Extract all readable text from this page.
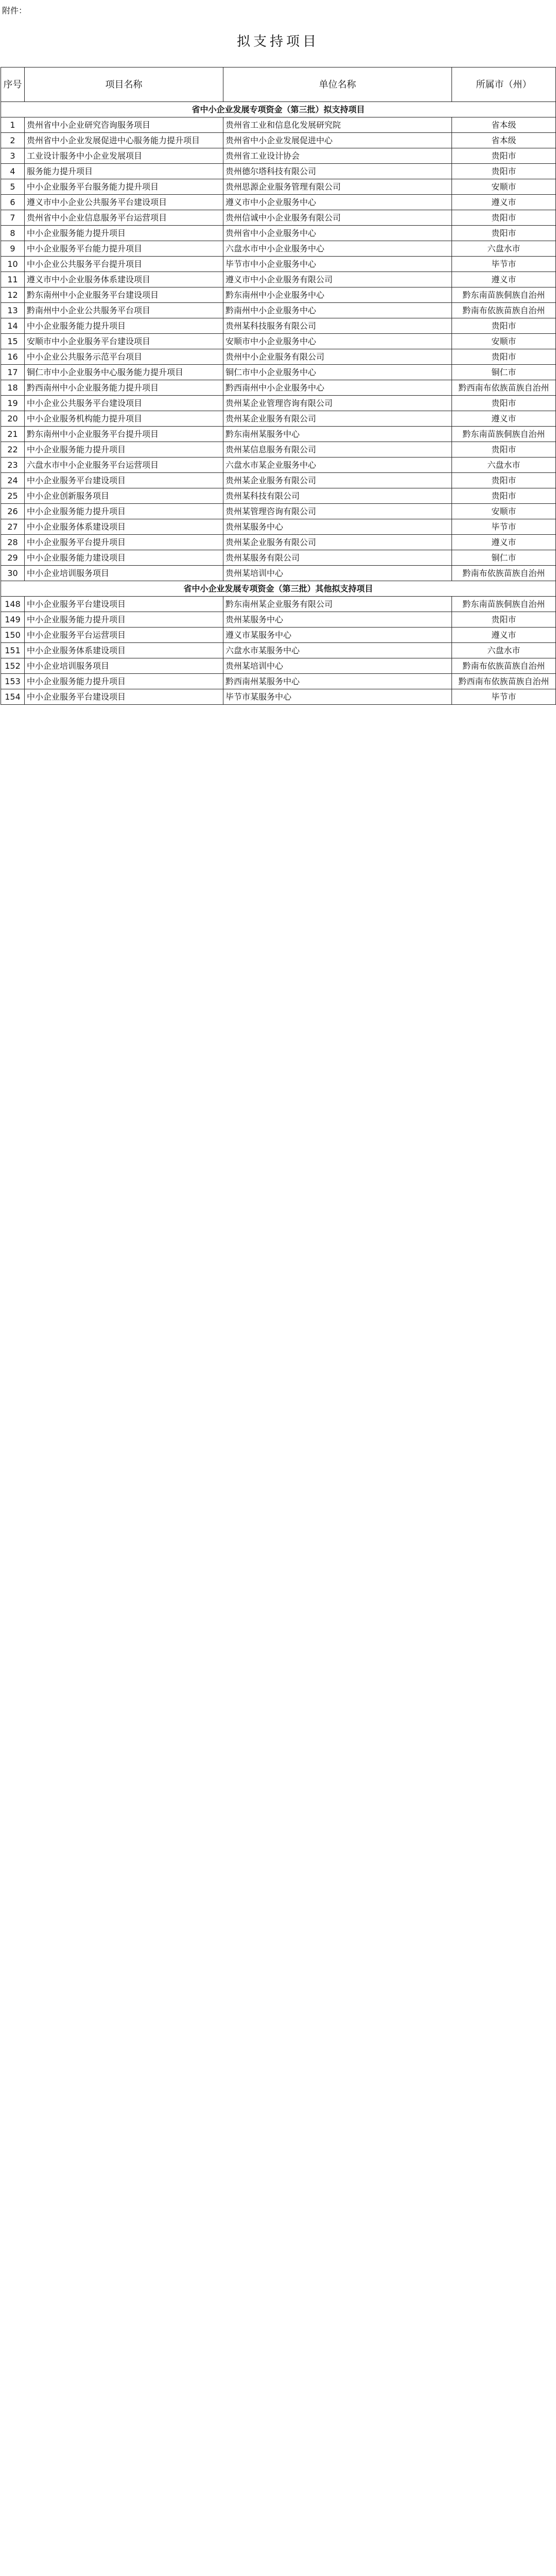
附件：
拟支持项目
序号	项目名称	单位名称	所属市（州）
省中小企业发展专项资金（第三批）拟支持项目			
1	贵州省中小企业研究咨询服务项目	贵州省工业和信息化发展研究院	省本级
2	贵州省中小企业发展促进中心服务能力提升项目	贵州省中小企业发展促进中心	省本级
3	工业设计服务中小企业发展项目	贵州省工业设计协会	贵阳市
4	服务能力提升项目	贵州德尔塔科技有限公司	贵阳市
5	中小企业服务平台服务能力提升项目	贵州思源企业服务管理有限公司	安顺市
6	遵义市中小企业公共服务平台建设项目	遵义市中小企业服务中心	遵义市
7	贵州省中小企业信息服务平台运营项目	贵州信诚中小企业服务有限公司	贵阳市
8	中小企业服务能力提升项目	贵州省中小企业服务中心	贵阳市
9	中小企业服务平台能力提升项目	六盘水市中小企业服务中心	六盘水市
10	中小企业公共服务平台提升项目	毕节市中小企业服务中心	毕节市
11	遵义市中小企业服务体系建设项目	遵义市中小企业服务有限公司	遵义市
12	黔东南州中小企业服务平台建设项目	黔东南州中小企业服务中心	黔东南苗族侗族自治州
13	黔南州中小企业公共服务平台项目	黔南州中小企业服务中心	黔南布依族苗族自治州
14	中小企业服务能力提升项目	贵州某科技服务有限公司	贵阳市
15	安顺市中小企业服务平台建设项目	安顺市中小企业服务中心	安顺市
16	中小企业公共服务示范平台项目	贵州中小企业服务有限公司	贵阳市
17	铜仁市中小企业服务中心服务能力提升项目	铜仁市中小企业服务中心	铜仁市
18	黔西南州中小企业服务能力提升项目	黔西南州中小企业服务中心	黔西南布依族苗族自治州
19	中小企业公共服务平台建设项目	贵州某企业管理咨询有限公司	贵阳市
20	中小企业服务机构能力提升项目	贵州某企业服务有限公司	遵义市
21	黔东南州中小企业服务平台提升项目	黔东南州某服务中心	黔东南苗族侗族自治州
22	中小企业服务能力提升项目	贵州某信息服务有限公司	贵阳市
23	六盘水市中小企业服务平台运营项目	六盘水市某企业服务中心	六盘水市
24	中小企业服务平台建设项目	贵州某企业服务有限公司	贵阳市
25	中小企业创新服务项目	贵州某科技有限公司	贵阳市
26	中小企业服务能力提升项目	贵州某管理咨询有限公司	安顺市
27	中小企业服务体系建设项目	贵州某服务中心	毕节市
28	中小企业服务平台提升项目	贵州某企业服务有限公司	遵义市
29	中小企业服务能力建设项目	贵州某服务有限公司	铜仁市
30	中小企业培训服务项目	贵州某培训中心	黔南布依族苗族自治州
省中小企业发展专项资金（第三批）其他拟支持项目			
148	中小企业服务平台建设项目	黔东南州某企业服务有限公司	黔东南苗族侗族自治州
149	中小企业服务能力提升项目	贵州某服务中心	贵阳市
150	中小企业服务平台运营项目	遵义市某服务中心	遵义市
151	中小企业服务体系建设项目	六盘水市某服务中心	六盘水市
152	中小企业培训服务项目	贵州某培训中心	黔南布依族苗族自治州
153	中小企业服务能力提升项目	黔西南州某服务中心	黔西南布依族苗族自治州
154	中小企业服务平台建设项目	毕节市某服务中心	毕节市
